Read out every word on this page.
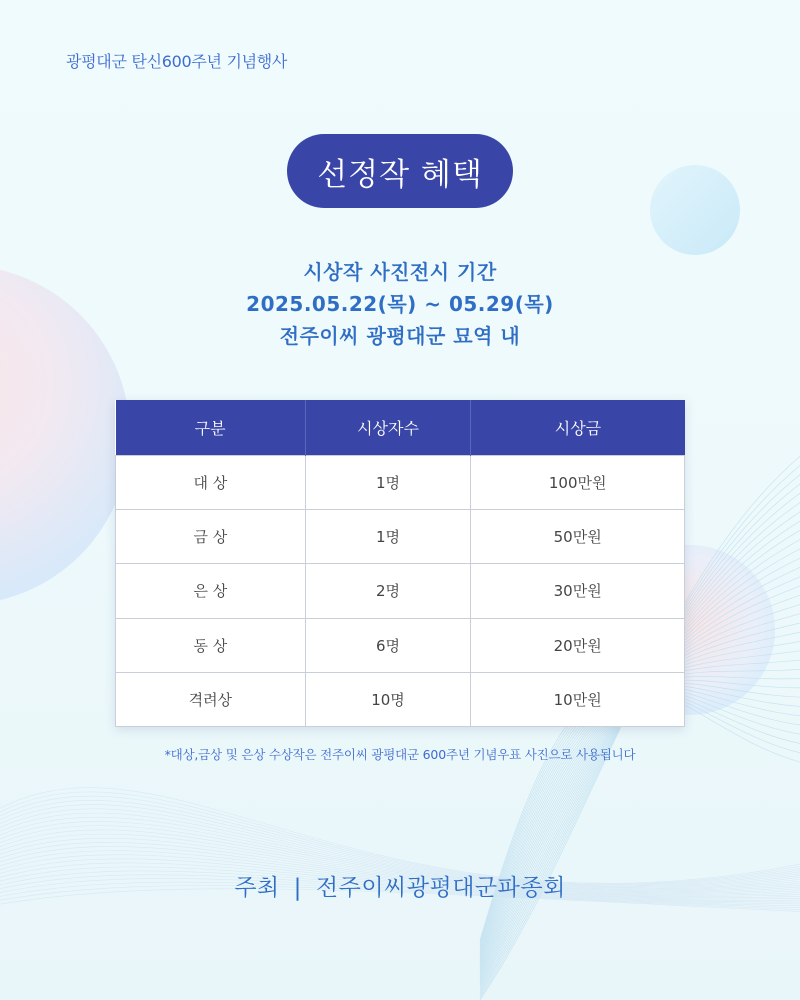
광평대군 탄신600주년 기념행사
선정작 혜택
시상작 사진전시 기간
2025.05.22(목) ~ 05.29(목)
전주이씨 광평대군 묘역 내
구분	시상자수	시상금
대 상	1명	100만원
금 상	1명	50만원
은 상	2명	30만원
동 상	6명	20만원
격려상	10명	10만원
*대상,금상 및 은상 수상작은 전주이씨 광평대군 600주년 기념우표 사진으로 사용됩니다
주최 | 전주이씨광평대군파종회
